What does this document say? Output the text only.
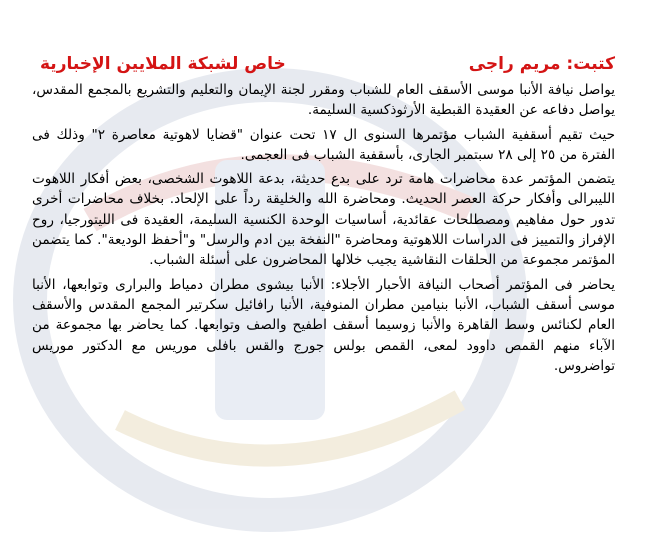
كتبت: مريم راجى
خاص لشبكة الملايين الإخبارية

يواصل نيافة الأنبا موسى الأسقف العام للشباب ومقرر لجنة الإيمان والتعليم والتشريع بالمجمع المقدس، يواصل دفاعه عن العقيدة القبطية الأرثوذكسية السليمة.

حيث تقيم أسقفية الشباب مؤتمرها السنوى ال ١٧ تحت عنوان "قضايا لاهوتية معاصرة ٢" وذلك فى الفترة من ٢٥ إلى ٢٨ سبتمبر الجارى، بأسقفية الشباب فى العجمى.

يتضمن المؤتمر عدة محاضرات هامة ترد على بدع حديثة، بدعة اللاهوت الشخصى، بعض أفكار اللاهوت الليبرالى وأفكار حركة العصر الحديث. ومحاضرة الله والخليقة رداً على الإلحاد. بخلاف محاضرات أخرى تدور حول مفاهيم ومصطلحات عقائدية، أساسيات الوحدة الكنسية السليمة، العقيدة فى الليتورجيا، روح الإفراز والتمييز فى الدراسات اللاهوتية ومحاضرة "النفخة بين ادم والرسل" و"أحفظ الوديعة". كما يتضمن المؤتمر مجموعة من الحلقات النقاشية يجيب خلالها المحاضرون على أسئلة الشباب.

يحاضر فى المؤتمر أصحاب النيافة الأحبار الأجلاء: الأنبا بيشوى مطران دمياط والبرارى وتوابعها، الأنبا موسى أسقف الشباب، الأنبا بنيامين مطران المنوفية، الأنبا رافائيل سكرتير المجمع المقدس والأسقف العام لكنائس وسط القاهرة والأنبا زوسيما أسقف اطفيح والصف وتوابعها. كما يحاضر بها مجموعة من الآباء منهم القمص داوود لمعى، القمص بولس جورج والقس بافلى موريس مع الدكتور موريس تواضروس.
